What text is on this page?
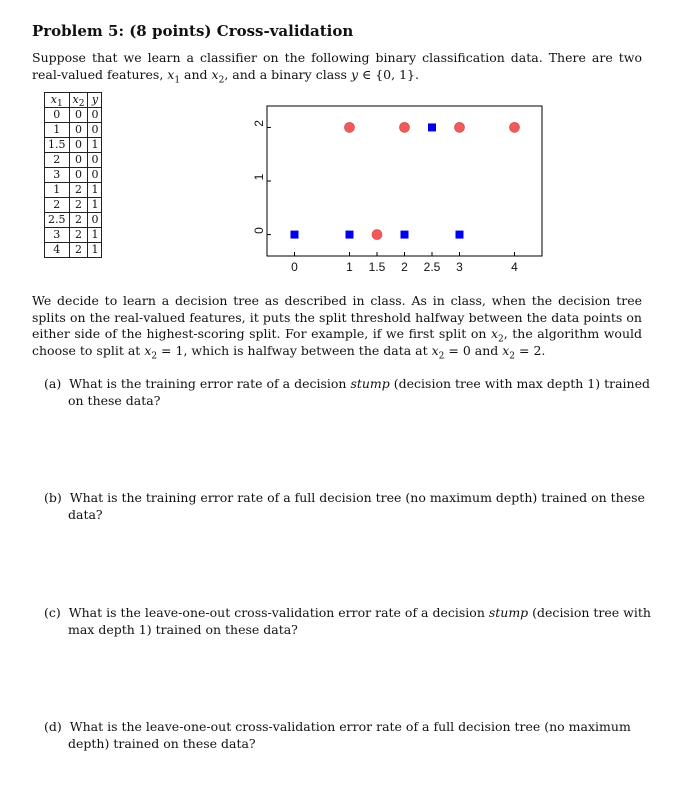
Problem 5: (8 points) Cross-validation
Suppose that we learn a classifier on the following binary classification data. There are two real-valued features, $x_1$ and $x_2$, and a binary class y ∈ {0, 1}.
$x_1$	$x_2$	y
0	0	0
1	0	0
1.5	0	1
2	0	0
3	0	0
1	2	1
2	2	1
2.5	2	0
3	2	1
4	2	1
0	1 1.5 2 2.5 3	4
0
1
2
We decide to learn a decision tree as described in class. As in class, when the decision tree splits on the real-valued features, it puts the split threshold halfway between the data points on either side of the highest-scoring split. For example, if we first split on $x_2$, the algorithm would choose to split at $x_2 = 1$, which is halfway between the data at $x_2 = 0$ and $x_2 = 2$.
(a) What is the training error rate of a decision stump (decision tree with max depth 1) trained on these data?
(b) What is the training error rate of a full decision tree (no maximum depth) trained on these data?
(c) What is the leave-one-out cross-validation error rate of a decision stump (decision tree with max depth 1) trained on these data?
(d) What is the leave-one-out cross-validation error rate of a full decision tree (no maximum depth) trained on these data?
